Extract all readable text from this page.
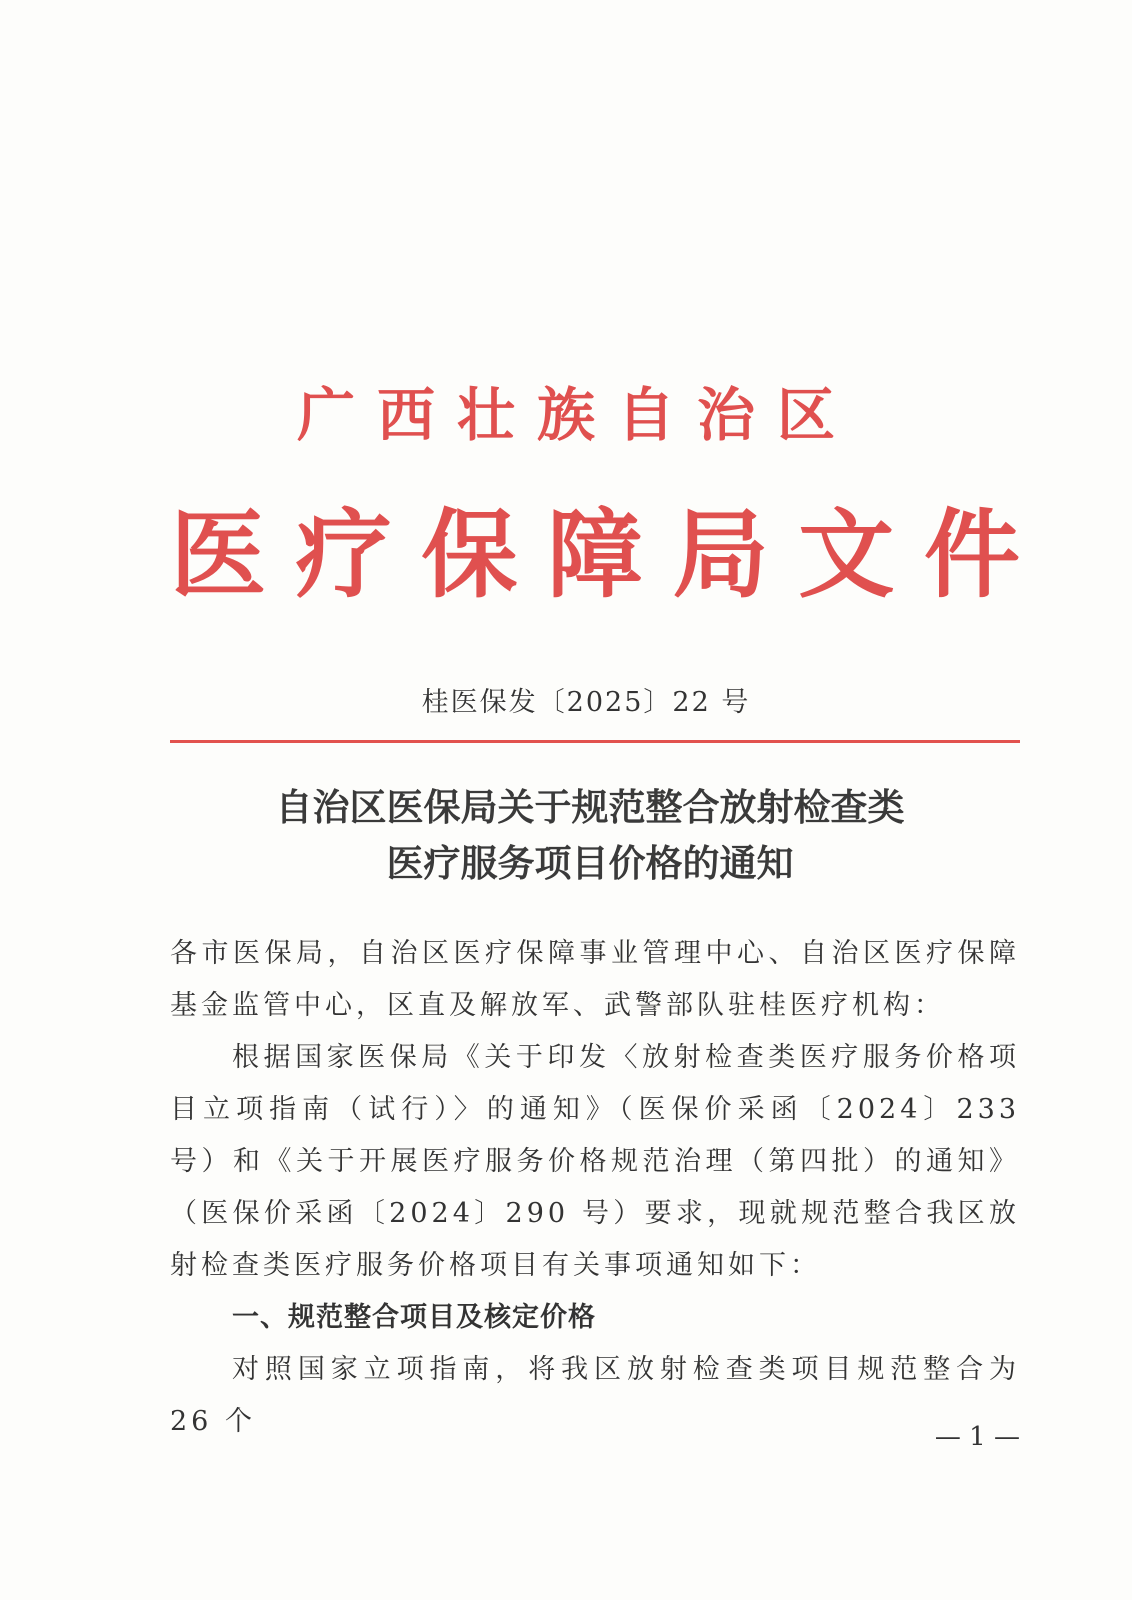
广西壮族自治区
医 疗 保 障 局 文 件
桂医保发〔2025〕22 号
自治区医保局关于规范整合放射检查类
医疗服务项目价格的通知

各市医保局，自治区医疗保障事业管理中心、自治区医疗保障基金监管中心，区直及解放军、武警部队驻桂医疗机构：

根据国家医保局《关于印发〈放射检查类医疗服务价格项目立项指南（试行）〉的通知》（医保价采函〔2024〕233 号）和《关于开展医疗服务价格规范治理（第四批）的通知》（医保价采函〔2024〕290 号）要求，现就规范整合我区放射检查类医疗服务价格项目有关事项通知如下：

一、规范整合项目及核定价格

对照国家立项指南，将我区放射检查类项目规范整合为 26 个	— 1 —
